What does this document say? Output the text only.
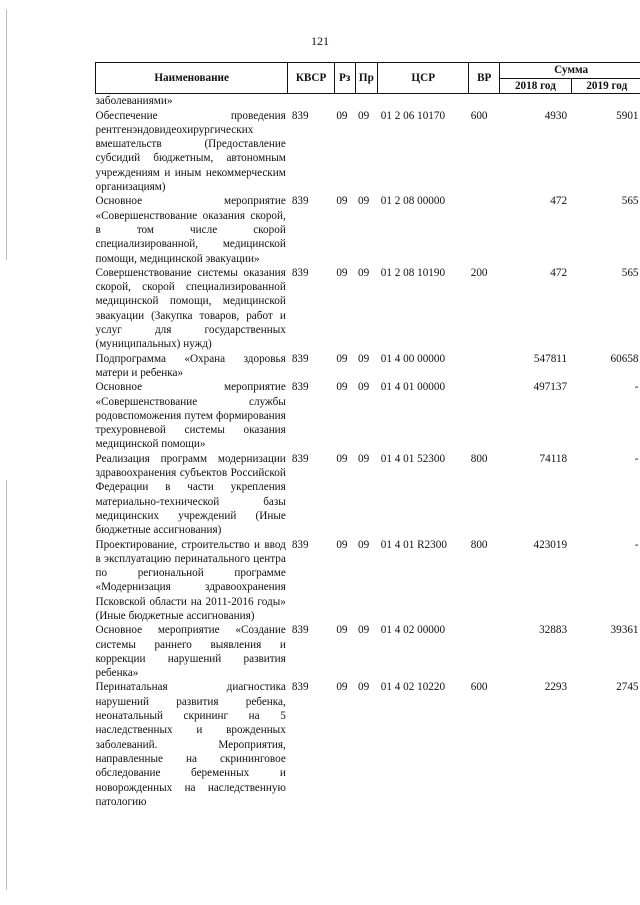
121
Наименование	КВСР	Рз	Пр	ЦСР	ВР	Сумма	
						2018 год	2019 год
заболеваниями»							
Обеспечение проведения рентгенэндовидеохирургических вмешательств (Предоставление субсидий бюджетным, автономным учреждениям и иным некоммерческим организациям)	839	09	09	01 2 06 10170	600	4930	5901
Основное мероприятие «Совершенствование оказания скорой, в том числе скорой специализированной, медицинской помощи, медицинской эвакуации»	839	09	09	01 2 08 00000		472	565
Совершенствование системы оказания скорой, скорой специализированной медицинской помощи, медицинской эвакуации (Закупка товаров, работ и услуг для государственных (муниципальных) нужд)	839	09	09	01 2 08 10190	200	472	565
Подпрограмма «Охрана здоровья матери и ребенка»	839	09	09	01 4 00 00000		547811	60658
Основное мероприятие «Совершенствование службы родовспоможения путем формирования трехуровневой системы оказания медицинской помощи»	839	09	09	01 4 01 00000		497137	-
Реализация программ модернизации здравоохранения субъектов Российской Федерации в части укрепления материально-технической базы медицинских учреждений (Иные бюджетные ассигнования)	839	09	09	01 4 01 52300	800	74118	-
Проектирование, строительство и ввод в эксплуатацию перинатального центра по региональной программе «Модернизация здравоохранения Псковской области на 2011-2016 годы» (Иные бюджетные ассигнования)	839	09	09	01 4 01 R2300	800	423019	-
Основное мероприятие «Создание системы раннего выявления и коррекции нарушений развития ребенка»	839	09	09	01 4 02 00000		32883	39361
Перинатальная диагностика нарушений развития ребенка, неонатальный скрининг на 5 наследственных и врожденных заболеваний. Мероприятия, направленные на скрининговое обследование беременных и новорожденных на наследственную патологию	839	09	09	01 4 02 10220	600	2293	2745
